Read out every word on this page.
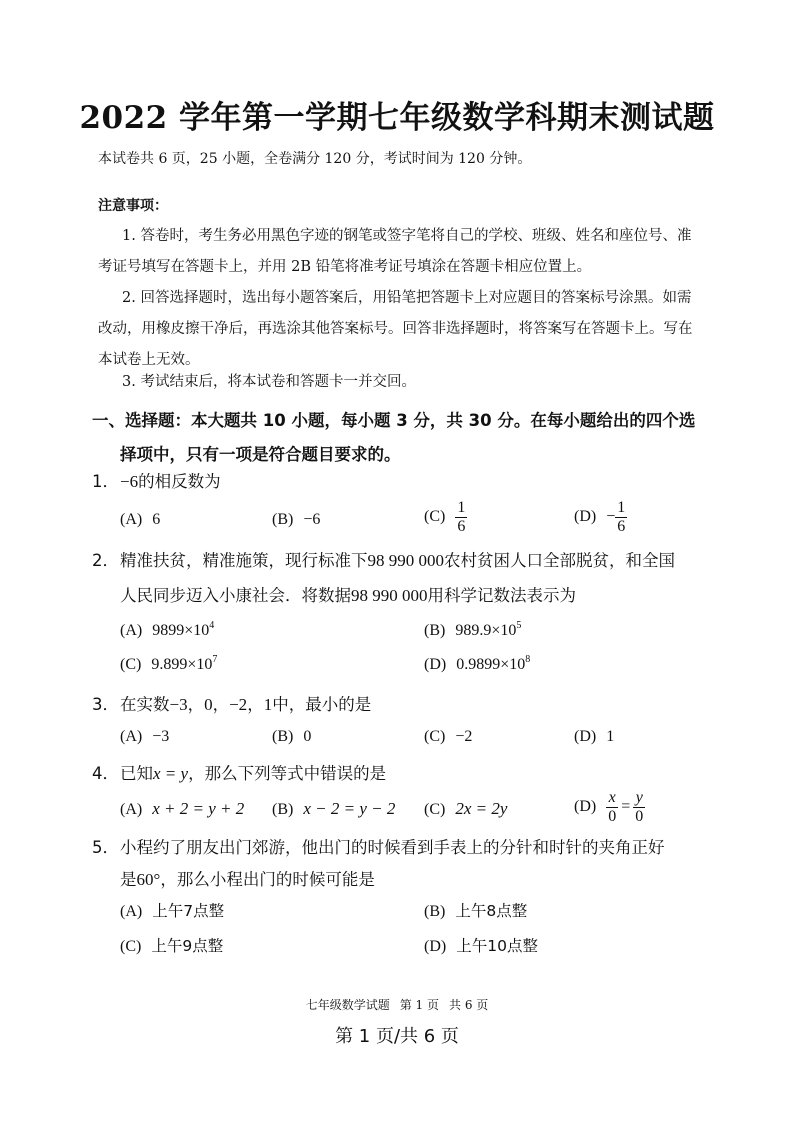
2022 学年第一学期七年级数学科期末测试题
本试卷共 6 页，25 小题，全卷满分 120 分，考试时间为 120 分钟。
注意事项：
1. 答卷时，考生务必用黑色字迹的钢笔或签字笔将自己的学校、班级、姓名和座位号、准考证号填写在答题卡上，并用 2B 铅笔将准考证号填涂在答题卡相应位置上。
2. 回答选择题时，选出每小题答案后，用铅笔把答题卡上对应题目的答案标号涂黑。如需改动，用橡皮擦干净后，再选涂其他答案标号。回答非选择题时，将答案写在答题卡上。写在本试卷上无效。
3. 考试结束后，将本试卷和答题卡一并交回。
一、选择题：本大题共 10 小题，每小题 3 分，共 30 分。在每小题给出的四个选
择项中，只有一项是符合题目要求的。
1．−6的相反数为
(A) 6	(B) −6	$(C) \frac{1}{6}$	$(D) - \frac{1}{6}$
2．精准扶贫，精准施策，现行标准下98 990 000农村贫困人口全部脱贫，和全国
人民同步迈入小康社会．将数据98 990 000用科学记数法表示为
(A) $9899\times 10^4$	(B) $989.9\times 10^5$
(C) $9.899\times 10^7$	(D) $0.9899\times 10^8$
3．在实数−3，0，−2，1中，最小的是
(A) −3	(B) 0	(C) −2	(D) 1
4．已知x = y，那么下列等式中错误的是
(A) x + 2 = y + 2 (B) x − 2 = y − 2 (C) 2x = 2y	$(D) \frac{x}{0} = \frac{y}{0}$
5．小程约了朋友出门郊游，他出门的时候看到手表上的分针和时针的夹角正好
是60°，那么小程出门的时候可能是
(A) 上午7点整	(B) 上午8点整
(C) 上午9点整	(D) 上午10点整
七年级数学试题 第 1 页 共 6 页
第 1 页/共 6 页
